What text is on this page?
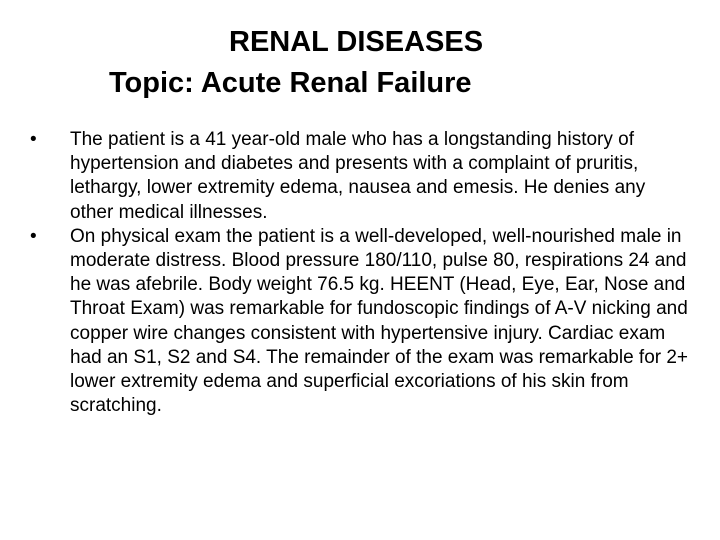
RENAL DISEASES
Topic: Acute Renal Failure
•	The patient is a 41 year-old male who has a longstanding history of hypertension and diabetes and presents with a complaint of pruritis, lethargy, lower extremity edema, nausea and emesis. He denies any other medical illnesses.
•	On physical exam the patient is a well-developed, well-nourished male in moderate distress. Blood pressure 180/110, pulse 80, respirations 24 and he was afebrile. Body weight 76.5 kg. HEENT (Head, Eye, Ear, Nose and Throat Exam) was remarkable for fundoscopic findings of A-V nicking and copper wire changes consistent with hypertensive injury. Cardiac exam had an S1, S2 and S4. The remainder of the exam was remarkable for 2+ lower extremity edema and superficial excoriations of his skin from scratching.
